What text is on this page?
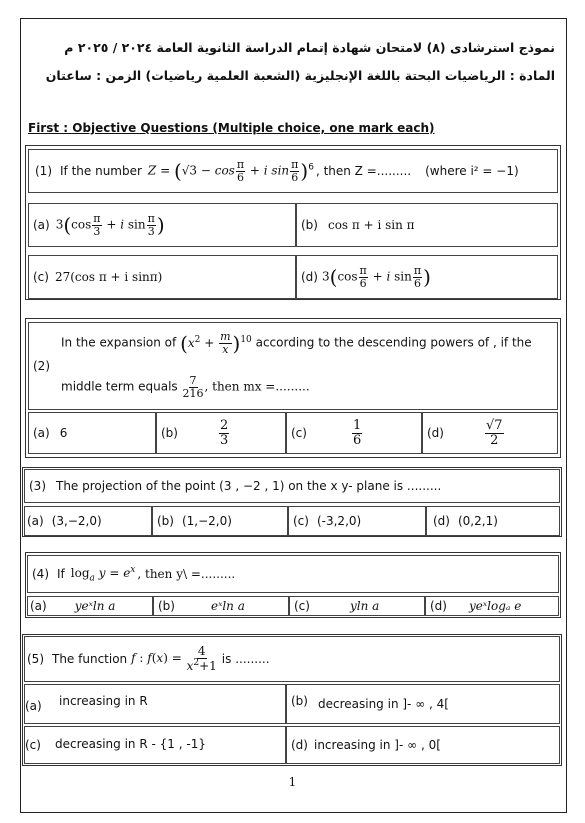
نموذج استرشادى (٨) لامتحان شهادة إتمام الدراسة الثانوية العامة ٢٠٢٤ / ٢٠٢٥ م
المادة : الرياضيات البحتة باللغة الإنجليزية (الشعبة العلمية رياضيات) الزمن : ساعتان
First : Objective Questions (Multiple choice, one mark each)
(1) If the number $Z = (√3 - \cos \frac{\pi}{6} + i$ $\sin \frac{\pi}{6} )^6$ , then Z =......... (where i² = −1)
(a) $3(\cos \frac{\pi}{3} + i$ $\sin \frac{\pi}{3}$ )	(b) cos π + i sin π
(c) 27(cos π + i sinπ)	(d) $3(\cos \frac{\pi}{6} + i$ $\sin \frac{\pi}{6}$ )
(2)
In the expansion of $(x^2 + \frac{m}{x} )^{10}$ according to the descending powers of , if the
middle term equals $\frac{7}{216}$ , then mx =.........
(a) 6	(b)	$\frac{2}{3}$	(c)	$\frac{1}{6}$	(d)	$\frac{√7}{2}$
(3) The projection of the point (3 , −2 , 1) on the x y- plane is .........
(a) (3,−2,0)	(b) (1,−2,0)	(c) (-3,2,0)	(d) (0,2,1)
(4) If $\log_a y = e^x$ , then y\ =.........
(a) yeˣln a	(b)	eˣln a	(c)	yln a	(d) yeˣlogₐ e
(5) The function f : $f(x) = \frac{4}{x^2+1}$ is .........
(a) increasing in R	(b) decreasing in ]- ∞ , 4[
(c) decreasing in R - {1 , -1}	(d) increasing in ]- ∞ , 0[
1
